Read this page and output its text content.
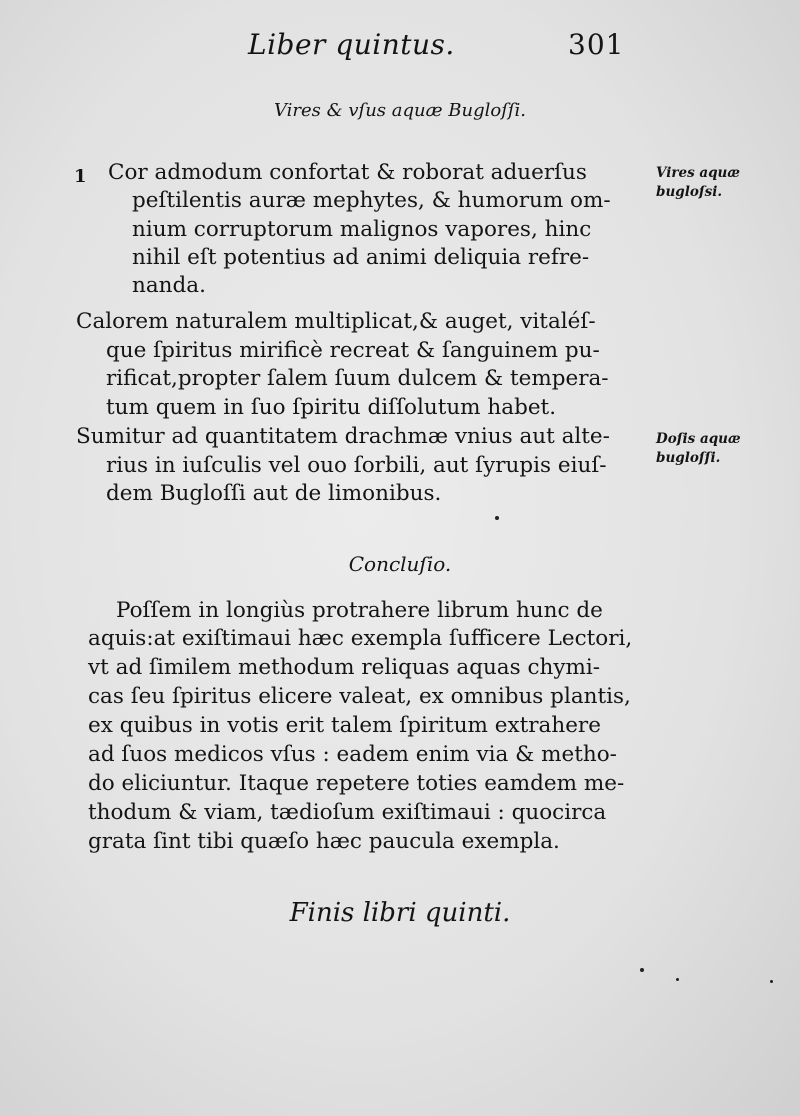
Liber quintus.	301
Vires & vſus aquæ Bugloſſi.
1 Cor admodum confortat & roborat aduerſus
peſtilentis auræ mephytes, & humorum om-
nium corruptorum malignos vapores, hinc
nihil eſt potentius ad animi deliquia refre-
nanda.
Calorem naturalem multiplicat,& auget, vitaléſ-
que ſpiritus mirificè recreat & ſanguinem pu-
rificat,propter ſalem ſuum dulcem & tempera-
tum quem in ſuo ſpiritu diſſolutum habet.
Sumitur ad quantitatem drachmæ vnius aut alte-
rius in iuſculis vel ouo ſorbili, aut ſyrupis eiuſ-
dem Bugloſſi aut de limonibus.
Vires aquæ
bugloſsi.
Doſis aquæ
bugloſſi.
Concluſio.
Poſſem in longiùs protrahere librum hunc de
aquis:at exiſtimaui hæc exempla ſufficere Lectori,
vt ad ſimilem methodum reliquas aquas chymi-
cas ſeu ſpiritus elicere valeat, ex omnibus plantis,
ex quibus in votis erit talem ſpiritum extrahere
ad ſuos medicos vſus : eadem enim via & metho-
do eliciuntur. Itaque repetere toties eamdem me-
thodum & viam, tædioſum exiſtimaui : quocirca
grata ſint tibi quæſo hæc paucula exempla.
Finis libri quinti.
